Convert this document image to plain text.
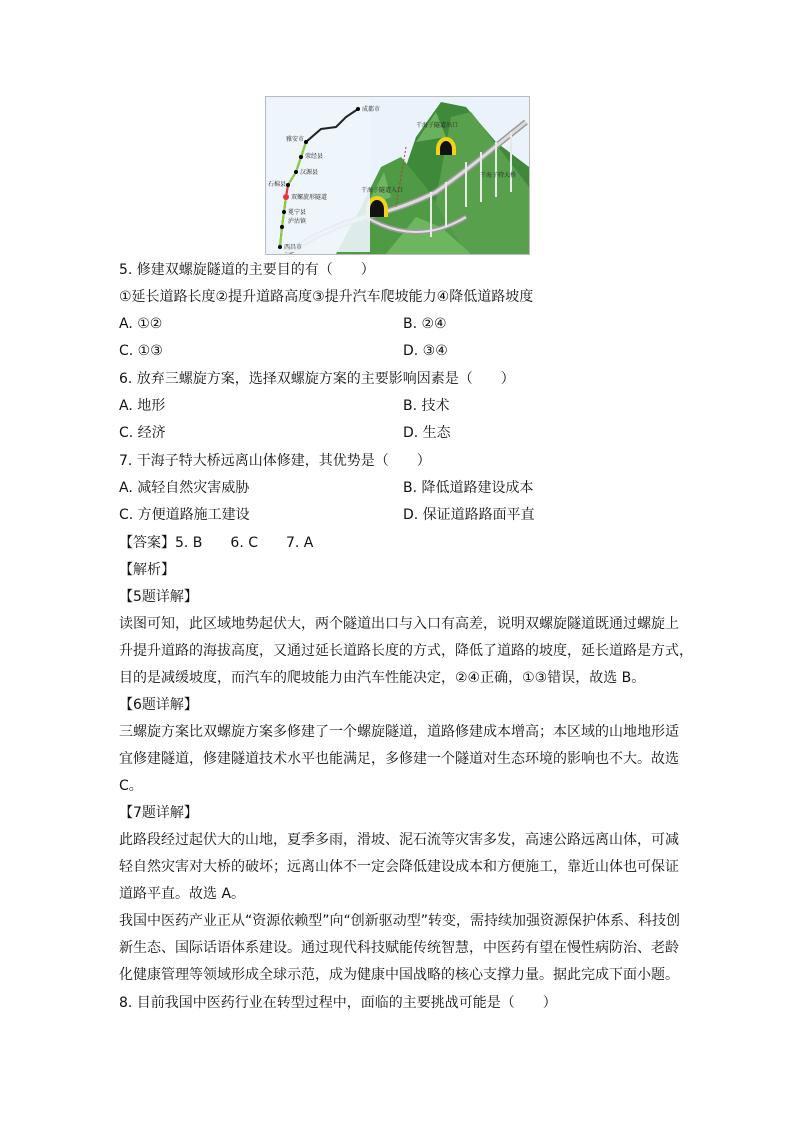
成都市
雅安市
荥经县
汉源县
石棉县
双螺旋形隧道
冕宁县
泸沽镇
西昌市
干海子隧道出口
干海子隧道入口
干海子特大桥
5. 修建双螺旋隧道的主要目的有（　　）
①延长道路长度②提升道路高度③提升汽车爬坡能力④降低道路坡度
A. ①②	B. ②④
C. ①③	D. ③④
6. 放弃三螺旋方案，选择双螺旋方案的主要影响因素是（　　）
A. 地形	B. 技术
C. 经济	D. 生态
7. 干海子特大桥远离山体修建，其优势是（　　）
A. 减轻自然灾害威胁	B. 降低道路建设成本
C. 方便道路施工建设	D. 保证道路路面平直
【答案】5. B　　6. C　　7. A
【解析】
【5题详解】
读图可知，此区域地势起伏大，两个隧道出口与入口有高差，说明双螺旋隧道既通过螺旋上
升提升道路的海拔高度，又通过延长道路长度的方式，降低了道路的坡度，延长道路是方式，
目的是减缓坡度，而汽车的爬坡能力由汽车性能决定，②④正确，①③错误，故选 B。
【6题详解】
三螺旋方案比双螺旋方案多修建了一个螺旋隧道，道路修建成本增高；本区域的山地地形适
宜修建隧道，修建隧道技术水平也能满足，多修建一个隧道对生态环境的影响也不大。故选
C。
【7题详解】
此路段经过起伏大的山地，夏季多雨，滑坡、泥石流等灾害多发，高速公路远离山体，可减
轻自然灾害对大桥的破坏；远离山体不一定会降低建设成本和方便施工，靠近山体也可保证
道路平直。故选 A。
我国中医药产业正从“资源依赖型”向“创新驱动型”转变，需持续加强资源保护体系、科技创
新生态、国际话语体系建设。通过现代科技赋能传统智慧，中医药有望在慢性病防治、老龄
化健康管理等领域形成全球示范，成为健康中国战略的核心支撑力量。据此完成下面小题。
8. 目前我国中医药行业在转型过程中，面临的主要挑战可能是（　　）
